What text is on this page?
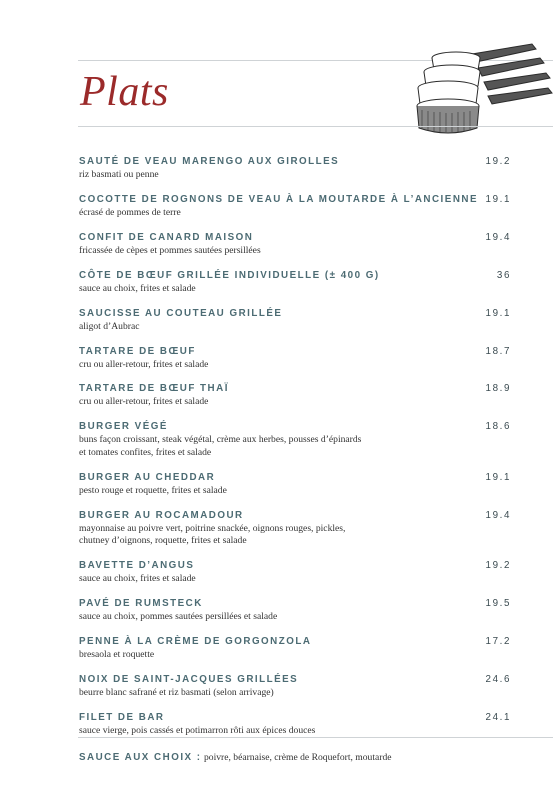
Plats
SAUTÉ DE VEAU MARENGO AUX GIROLLES	19.2
riz basmati ou penne
COCOTTE DE ROGNONS DE VEAU À LA MOUTARDE À L’ANCIENNE 19.1
écrasé de pommes de terre
CONFIT DE CANARD MAISON	19.4
fricassée de cèpes et pommes sautées persillées
CÔTE DE BŒUF GRILLÉE INDIVIDUELLE (± 400 G)	36
sauce au choix, frites et salade
SAUCISSE AU COUTEAU GRILLÉE	19.1
aligot d’Aubrac
TARTARE DE BŒUF	18.7
cru ou aller-retour, frites et salade
TARTARE DE BŒUF THAÏ	18.9
cru ou aller-retour, frites et salade
BURGER VÉGÉ	18.6
buns façon croissant, steak végétal, crème aux herbes, pousses d’épinards
et tomates confites, frites et salade
BURGER AU CHEDDAR	19.1
pesto rouge et roquette, frites et salade
BURGER AU ROCAMADOUR	19.4
mayonnaise au poivre vert, poitrine snackée, oignons rouges, pickles,
chutney d’oignons, roquette, frites et salade
BAVETTE D’ANGUS	19.2
sauce au choix, frites et salade
PAVÉ DE RUMSTECK	19.5
sauce au choix, pommes sautées persillées et salade
PENNE À LA CRÈME DE GORGONZOLA	17.2
bresaola et roquette
NOIX DE SAINT-JACQUES GRILLÉES	24.6
beurre blanc safrané et riz basmati (selon arrivage)
FILET DE BAR	24.1
sauce vierge, pois cassés et potimarron rôti aux épices douces
SAUCE AUX CHOIX : poivre, béarnaise, crème de Roquefort, moutarde
